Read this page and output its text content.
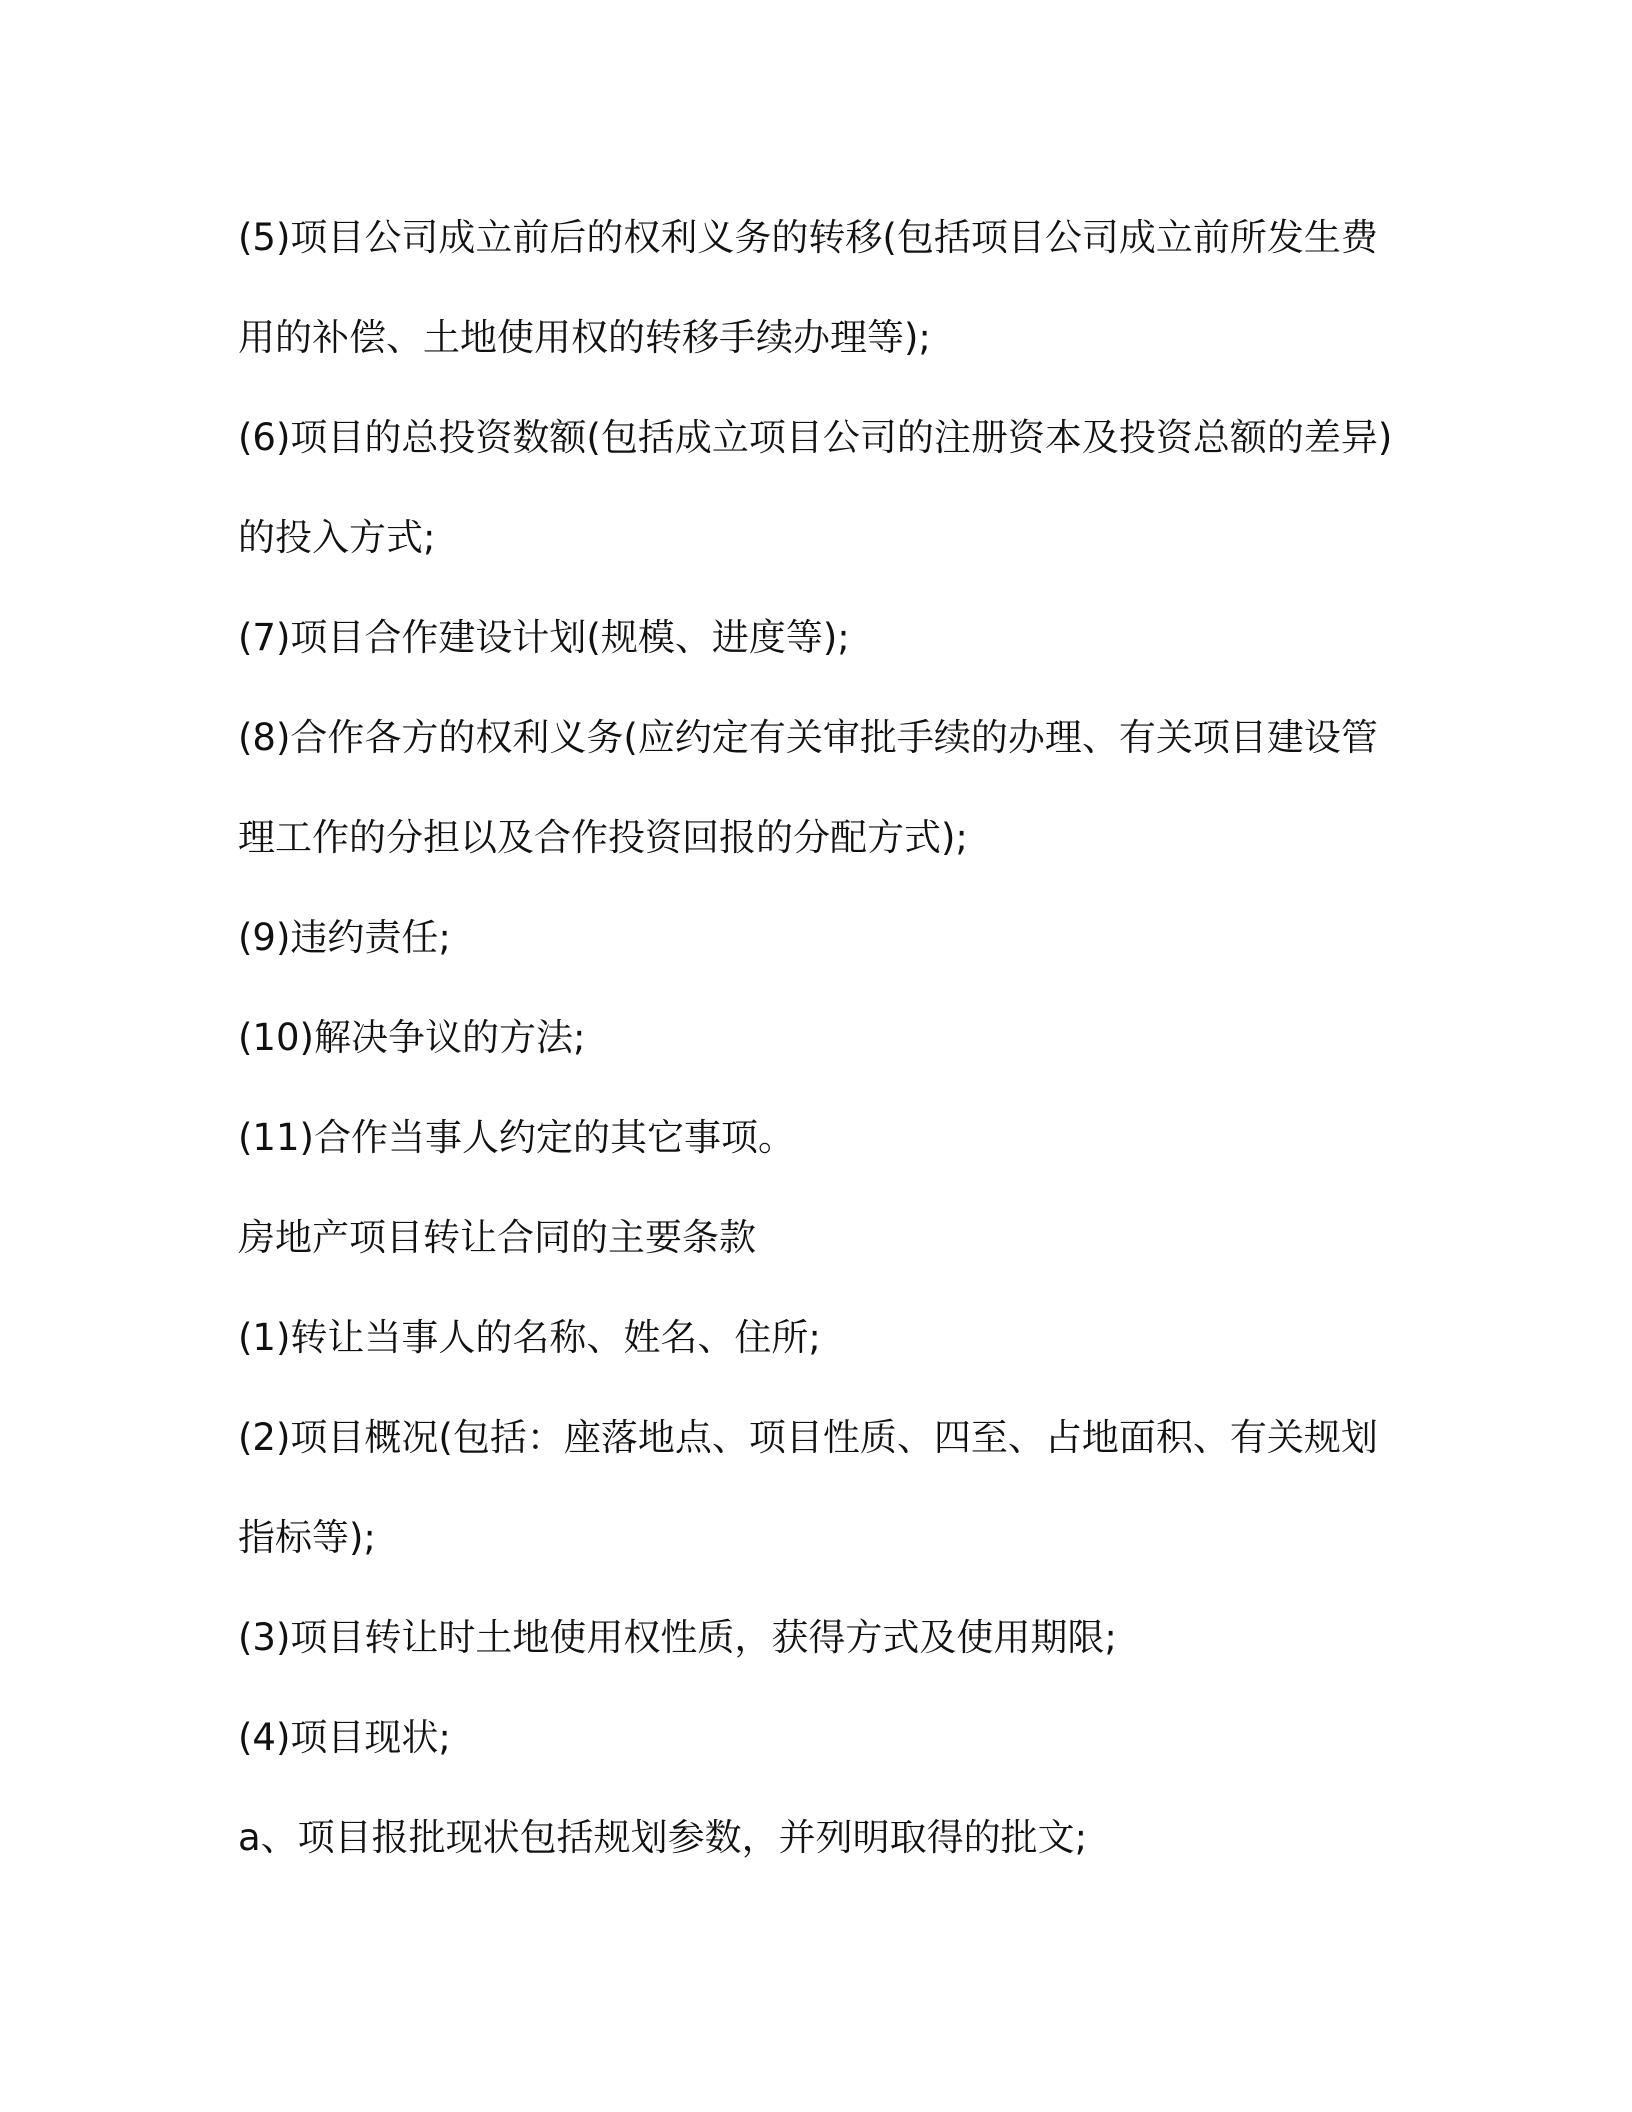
(5)项目公司成立前后的权利义务的转移(包括项目公司成立前所发生费
用的补偿、土地使用权的转移手续办理等);
(6)项目的总投资数额(包括成立项目公司的注册资本及投资总额的差异)
的投入方式;
(7)项目合作建设计划(规模、进度等);
(8)合作各方的权利义务(应约定有关审批手续的办理、有关项目建设管
理工作的分担以及合作投资回报的分配方式);
(9)违约责任;
(10)解决争议的方法;
(11)合作当事人约定的其它事项。
房地产项目转让合同的主要条款
(1)转让当事人的名称、姓名、住所;
(2)项目概况(包括：座落地点、项目性质、四至、占地面积、有关规划
指标等);
(3)项目转让时土地使用权性质，获得方式及使用期限;
(4)项目现状;
a、项目报批现状包括规划参数，并列明取得的批文;
